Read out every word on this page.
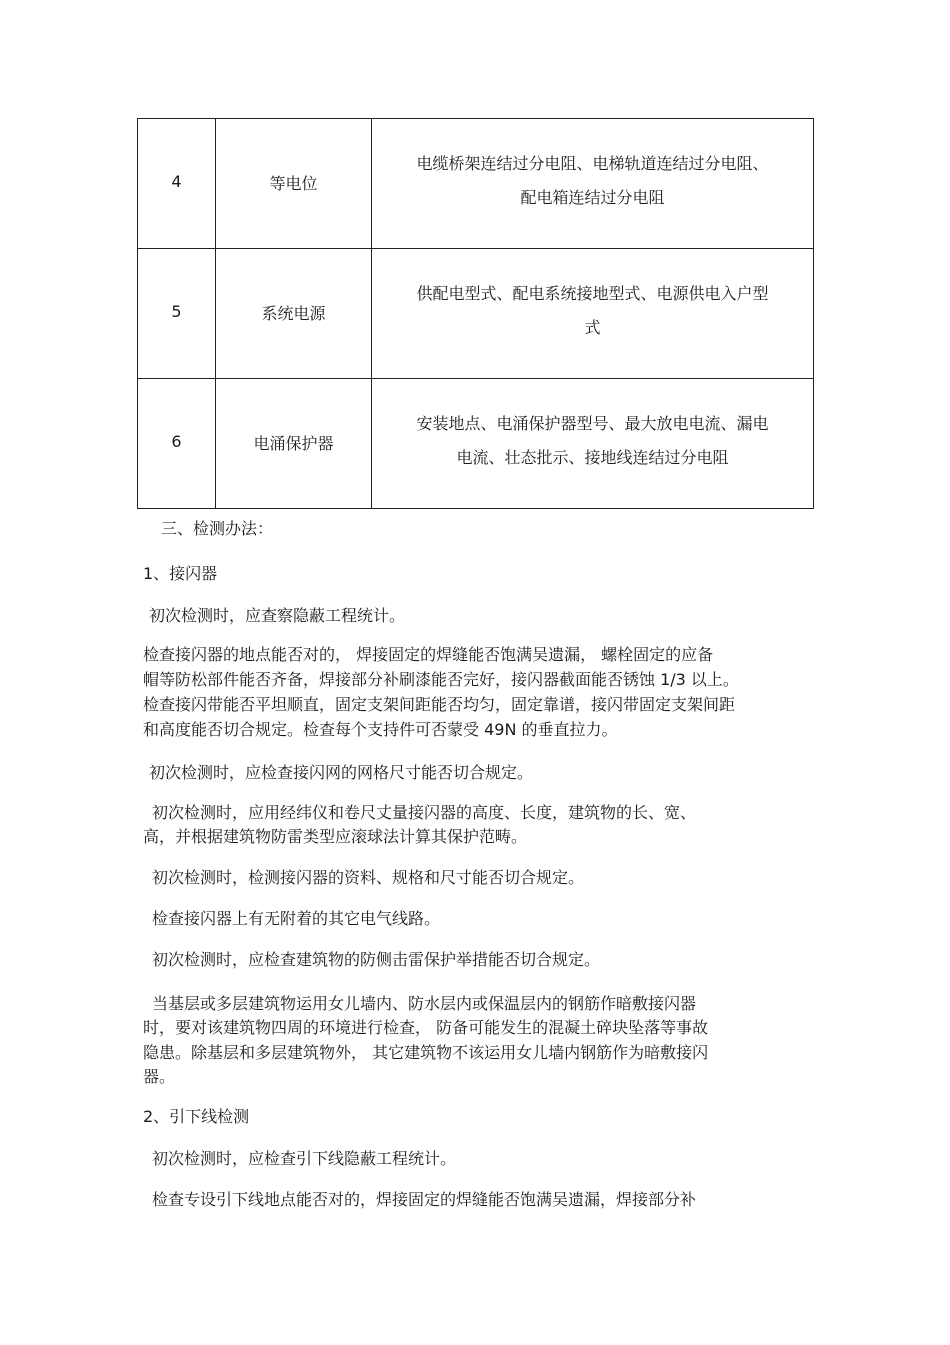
4	等电位	电缆桥架连结过分电阻、电梯轨道连结过分电阻、
配电箱连结过分电阻
5	系统电源	供配电型式、配电系统接地型式、电源供电入户型
式
6	电涌保护器	安装地点、电涌保护器型号、最大放电电流、漏电
电流、壮态批示、接地线连结过分电阻

三、检测办法：

1、接闪器

初次检测时，应查察隐蔽工程统计。

检查接闪器的地点能否对的， 焊接固定的焊缝能否饱满吴遗漏， 螺栓固定的应备

帽等防松部件能否齐备，焊接部分补刷漆能否完好，接闪器截面能否锈蚀 1/3 以上。

检查接闪带能否平坦顺直，固定支架间距能否均匀，固定靠谱，接闪带固定支架间距

和高度能否切合规定。检查每个支持件可否蒙受 49N 的垂直拉力。

初次检测时，应检查接闪网的网格尺寸能否切合规定。

初次检测时，应用经纬仪和卷尺丈量接闪器的高度、长度，建筑物的长、宽、

高，并根据建筑物防雷类型应滚球法计算其保护范畴。

初次检测时，检测接闪器的资料、规格和尺寸能否切合规定。

检查接闪器上有无附着的其它电气线路。

初次检测时，应检查建筑物的防侧击雷保护举措能否切合规定。

当基层或多层建筑物运用女儿墙内、防水层内或保温层内的钢筋作暗敷接闪器

时，要对该建筑物四周的环境进行检查， 防备可能发生的混凝土碎块坠落等事故

隐患。除基层和多层建筑物外， 其它建筑物不该运用女儿墙内钢筋作为暗敷接闪

器。

2、引下线检测

初次检测时，应检查引下线隐蔽工程统计。

检查专设引下线地点能否对的，焊接固定的焊缝能否饱满吴遗漏，焊接部分补
